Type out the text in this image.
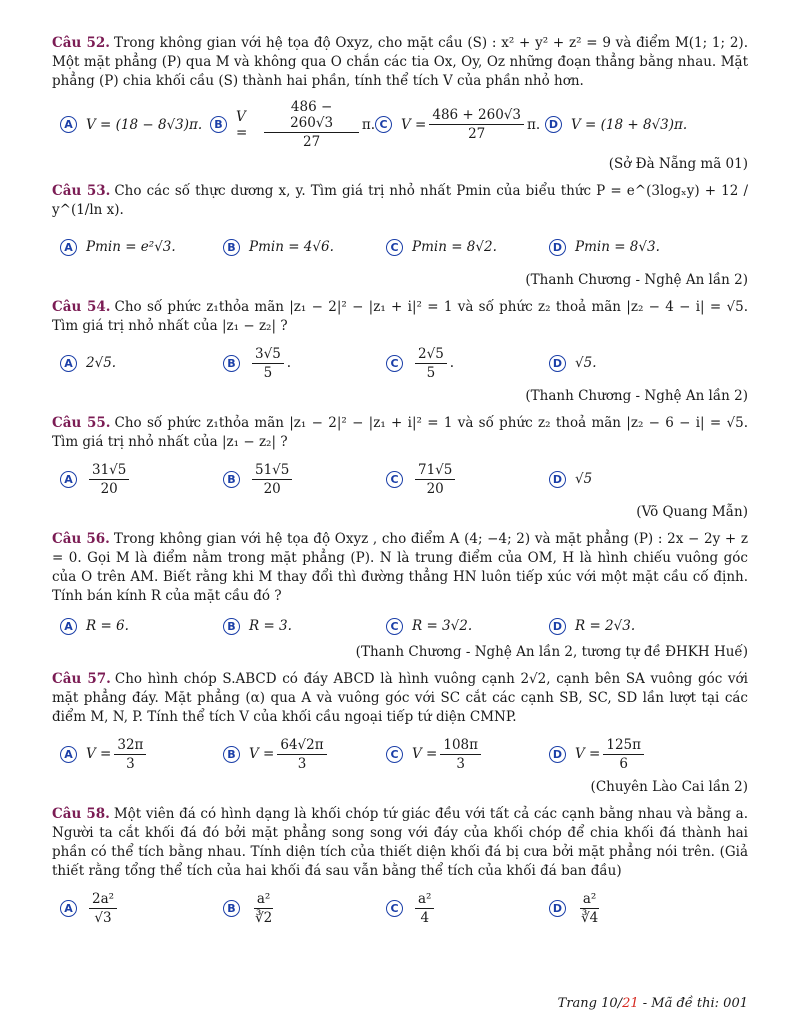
Câu 52. Trong không gian với hệ tọa độ Oxyz, cho mặt cầu (S) : x² + y² + z² = 9 và điểm M(1; 1; 2). Một mặt phẳng (P) qua M và không qua O chắn các tia Ox, Oy, Oz những đoạn thẳng bằng nhau. Mặt phẳng (P) chia khối cầu (S) thành hai phần, tính thể tích V của phần nhỏ hơn.
A V = (18 − 8√3)π.	B V =	$\frac{486 - 260√3}{27} \pi$. C $V = \frac{486 + 260√3}{27} \pi$. D V = (18 + 8√3)π.
(Sở Đà Nẵng mã 01)
Câu 53. Cho các số thực dương x, y. Tìm giá trị nhỏ nhất Pmin của biểu thức P = e^(3logₓy) + 12 / y^(1/ln x).
A Pmin = e²√3.	B Pmin = 4√6.	C Pmin = 8√2.	D Pmin = 8√3.
(Thanh Chương - Nghệ An lần 2)
Câu 54. Cho số phức z₁thỏa mãn |z₁ − 2|² − |z₁ + i|² = 1 và số phức z₂ thoả mãn |z₂ − 4 − i| = √5. Tìm giá trị nhỏ nhất của |z₁ − z₂| ?
A 2√5.	B	$\frac{3√5}{5}$ .	C	$\frac{2√5}{5}$ .	D √5.
(Thanh Chương - Nghệ An lần 2)
Câu 55. Cho số phức z₁thỏa mãn |z₁ − 2|² − |z₁ + i|² = 1 và số phức z₂ thoả mãn |z₂ − 6 − i| = √5. Tìm giá trị nhỏ nhất của |z₁ − z₂| ?
A	$\frac{31√5}{20}$	B	$\frac{51√5}{20}$	C	$\frac{71√5}{20}$	D √5
(Võ Quang Mẫn)
Câu 56. Trong không gian với hệ tọa độ Oxyz , cho điểm A (4; −4; 2) và mặt phẳng (P) : 2x − 2y + z = 0. Gọi M là điểm nằm trong mặt phẳng (P). N là trung điểm của OM, H là hình chiếu vuông góc của O trên AM. Biết rằng khi M thay đổi thì đường thẳng HN luôn tiếp xúc với một mặt cầu cố định. Tính bán kính R của mặt cầu đó ?
A R = 6.	B R = 3.	C R = 3√2.	D R = 2√3.
(Thanh Chương - Nghệ An lần 2, tương tự đề ĐHKH Huế)
Câu 57. Cho hình chóp S.ABCD có đáy ABCD là hình vuông cạnh 2√2, cạnh bên SA vuông góc với mặt phẳng đáy. Mặt phẳng (α) qua A và vuông góc với SC cắt các cạnh SB, SC, SD lần lượt tại các điểm M, N, P. Tính thể tích V của khối cầu ngoại tiếp tứ diện CMNP.
A $V = \frac{32\pi}{3}$	B $V = \frac{64√2\pi}{3}$	C $V = \frac{108\pi}{3}$	D $V = \frac{125\pi}{6}$
(Chuyên Lào Cai lần 2)
Câu 58. Một viên đá có hình dạng là khối chóp tứ giác đều với tất cả các cạnh bằng nhau và bằng a. Người ta cắt khối đá đó bởi mặt phẳng song song với đáy của khối chóp để chia khối đá thành hai phần có thể tích bằng nhau. Tính diện tích của thiết diện khối đá bị cưa bởi mặt phẳng nói trên. (Giả thiết rằng tổng thể tích của hai khối đá sau vẫn bằng thể tích của khối đá ban đầu)
A	$\frac{\text{2a²}}{√3}$	B	$\frac{\text{a²}}{∛2}$	C	$\frac{\text{a²}}{4}$	D $\frac{\text{a²}}{∛4}$
Trang 10/21 - Mã đề thi: 001
